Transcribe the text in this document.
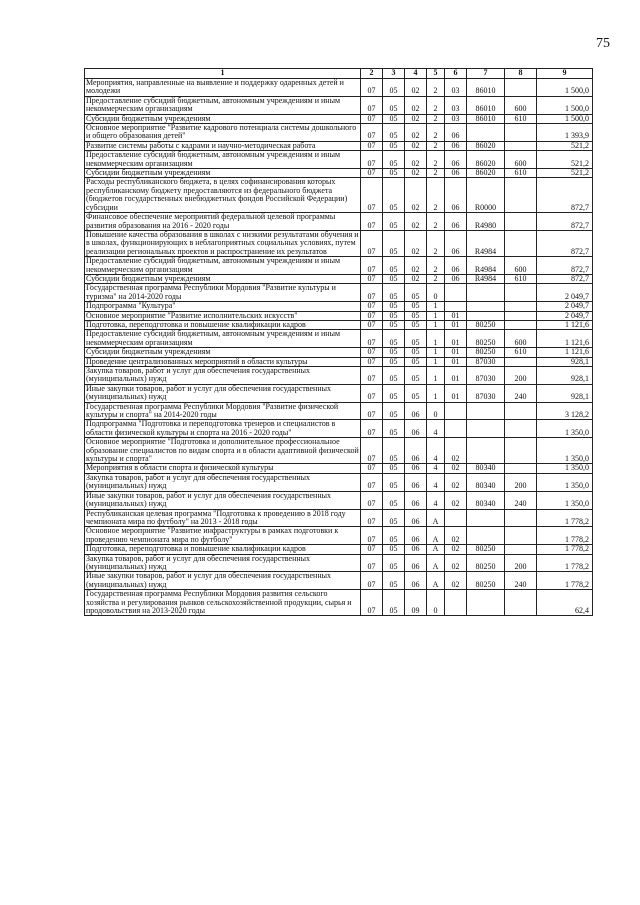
75
1	2	3	4	5	6	7	8	9
Мероприятия, направленные на выявление и поддержку одаренных детей и молодежи	07	05	02	2	03	86010		1 500,0
Предоставление субсидий бюджетным, автономным учреждениям и иным некоммерческим организациям	07	05	02	2	03	86010	600	1 500,0
Субсидии бюджетным учреждениям	07	05	02	2	03	86010	610	1 500,0
Основное мероприятие "Развитие кадрового потенциала системы дошкольного и общего образования детей"	07	05	02	2	06			1 393,9
Развитие системы работы с кадрами и научно-методическая работа	07	05	02	2	06	86020		521,2
Предоставление субсидий бюджетным, автономным учреждениям и иным некоммерческим организациям	07	05	02	2	06	86020	600	521,2
Субсидии бюджетным учреждениям	07	05	02	2	06	86020	610	521,2
Расходы республиканского бюджета, в целях софинансирования которых республиканскому бюджету предоставляются из федерального бюджета (бюджетов государственных внебюджетных фондов Российской Федерации) субсидии	07	05	02	2	06	R0000		872,7
Финансовое обеспечение мероприятий федеральной целевой программы развития образования на 2016 - 2020 годы	07	05	02	2	06	R4980		872,7
Повышение качества образования в школах с низкими результатами обучения и в школах, функционирующих в неблагоприятных социальных условиях, путем реализации региональных проектов и распространение их результатов	07	05	02	2	06	R4984		872,7
Предоставление субсидий бюджетным, автономным учреждениям и иным некоммерческим организациям	07	05	02	2	06	R4984	600	872,7
Субсидии бюджетным учреждениям	07	05	02	2	06	R4984	610	872,7
Государственная программа Республики Мордовия "Развитие культуры и туризма" на 2014-2020 годы	07	05	05	0				2 049,7
Подпрограмма "Культура"	07	05	05	1				2 049,7
Основное мероприятие "Развитие исполнительских искусств"	07	05	05	1	01			2 049,7
Подготовка, переподготовка и повышение квалификации кадров	07	05	05	1	01	80250		1 121,6
Предоставление субсидий бюджетным, автономным учреждениям и иным некоммерческим организациям	07	05	05	1	01	80250	600	1 121,6
Субсидии бюджетным учреждениям	07	05	05	1	01	80250	610	1 121,6
Проведение централизованных мероприятий в области культуры	07	05	05	1	01	87030		928,1
Закупка товаров, работ и услуг для обеспечения государственных (муниципальных) нужд	07	05	05	1	01	87030	200	928,1
Иные закупки товаров, работ и услуг для обеспечения государственных (муниципальных) нужд	07	05	05	1	01	87030	240	928,1
Государственная программа Республики Мордовия "Развитие физической культуры и спорта" на 2014-2020 годы	07	05	06	0				3 128,2
Подпрограмма "Подготовка и переподготовка тренеров и специалистов в области физической культуры и спорта на 2016 - 2020 годы"	07	05	06	4				1 350,0
Основное мероприятие "Подготовка и дополнительное профессиональное образование специалистов по видам спорта и в области адаптивной физической культуры и спорта"	07	05	06	4	02			1 350,0
Мероприятия в области спорта и физической культуры	07	05	06	4	02	80340		1 350,0
Закупка товаров, работ и услуг для обеспечения государственных (муниципальных) нужд	07	05	06	4	02	80340	200	1 350,0
Иные закупки товаров, работ и услуг для обеспечения государственных (муниципальных) нужд	07	05	06	4	02	80340	240	1 350,0
Республиканская целевая программа "Подготовка к проведению в 2018 году чемпионата мира по футболу" на 2013 - 2018 годы	07	05	06	А				1 778,2
Основное мероприятие "Развитие инфраструктуры в рамках подготовки к проведению чемпионата мира по футболу"	07	05	06	А	02			1 778,2
Подготовка, переподготовка и повышение квалификации кадров	07	05	06	А	02	80250		1 778,2
Закупка товаров, работ и услуг для обеспечения государственных (муниципальных) нужд	07	05	06	А	02	80250	200	1 778,2
Иные закупки товаров, работ и услуг для обеспечения государственных (муниципальных) нужд	07	05	06	А	02	80250	240	1 778,2
Государственная программа Республики Мордовия развития сельского хозяйства и регулирования рынков сельскохозяйственной продукции, сырья и продовольствия на 2013-2020 годы	07	05	09	0				62,4
